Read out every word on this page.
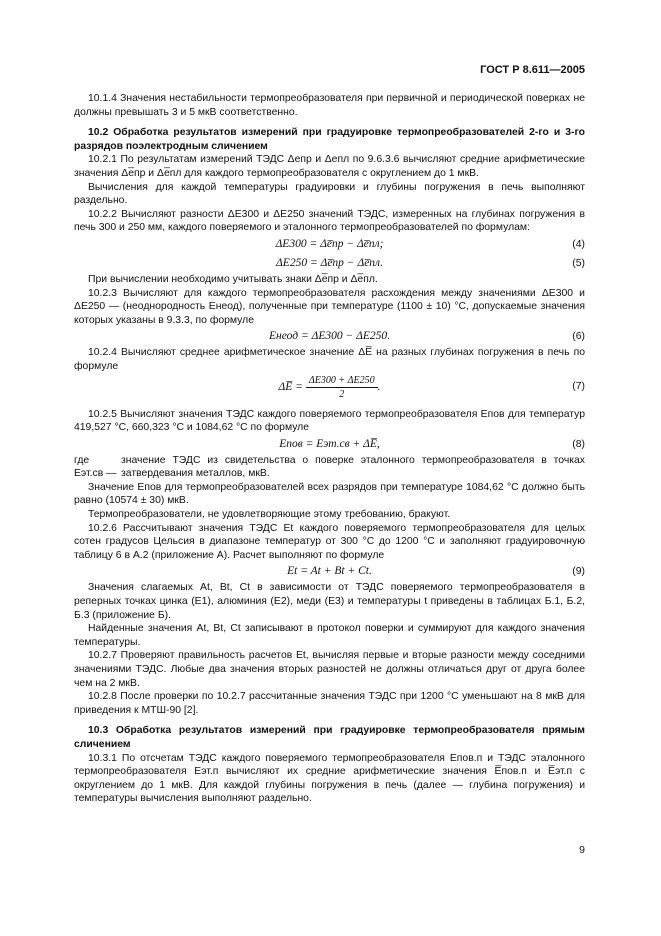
ГОСТ Р 8.611—2005

10.1.4 Значения нестабильности термопреобразователя при первичной и периодической поверках не должны превышать 3 и 5 мкВ соответственно.

10.2 Обработка результатов измерений при градуировке термопреобразователей 2-го и 3-го разрядов поэлектродным сличением

10.2.1 По результатам измерений ТЭДС Δeпр и Δeпл по 9.6.3.6 вычисляют средние арифметические значения Δe̅пр и Δe̅пл для каждого термопреобразователя с округлением до 1 мкВ.

Вычисления для каждой температуры градуировки и глубины погружения в печь выполняют раздельно.

10.2.2 Вычисляют разности ΔE300 и ΔE250 значений ТЭДС, измеренных на глубинах погружения в печь 300 и 250 мм, каждого поверяемого и эталонного термопреобразователей по формулам:

ΔE300 = Δe̅пр − Δe̅пл;	(4)
ΔE250 = Δe̅пр − Δe̅пл.	(5)

При вычислении необходимо учитывать знаки Δe̅пр и Δe̅пл.

10.2.3 Вычисляют для каждого термопреобразователя расхождения между значениями ΔE300 и ΔE250 — (неоднородность Eнеод), полученные при температуре (1100 ± 10) °С, допускаемые значения которых указаны в 9.3.3, по формуле

Eнеод = ΔE300 − ΔE250.	(6)

10.2.4 Вычисляют среднее арифметическое значение ΔE̅ на разных глубинах погружения в печь по формуле

ΔE̅ = $\frac{\Delta E300 + \Delta E250}{2}$ .	(7)

10.2.5 Вычисляют значения ТЭДС каждого поверяемого термопреобразователя Eпов для температур 419,527 °С, 660,323 °С и 1084,62 °С по формуле

Eпов = Eэт.св + ΔE̅,	(8)
где Eэт.св —
значение ТЭДС из свидетельства о поверке эталонного термопреобразователя в точках затвердевания металлов, мкВ.

Значение Eпов для термопреобразователей всех разрядов при температуре 1084,62 °С должно быть равно (10574 ± 30) мкВ.

Термопреобразователи, не удовлетворяющие этому требованию, бракуют.

10.2.6 Рассчитывают значения ТЭДС Et каждого поверяемого термопреобразователя для целых сотен градусов Цельсия в диапазоне температур от 300 °С до 1200 °С и заполняют градуировочную таблицу 6 в А.2 (приложение А). Расчет выполняют по формуле

Et = At + Bt + Ct.	(9)

Значения слагаемых At, Bt, Ct в зависимости от ТЭДС поверяемого термопреобразователя в реперных точках цинка (E1), алюминия (E2), меди (E3) и температуры t приведены в таблицах Б.1, Б.2, Б.3 (приложение Б).

Найденные значения At, Bt, Ct записывают в протокол поверки и суммируют для каждого значения температуры.

10.2.7 Проверяют правильность расчетов Et, вычисляя первые и вторые разности между соседними значениями ТЭДС. Любые два значения вторых разностей не должны отличаться друг от друга более чем на 2 мкВ.

10.2.8 После проверки по 10.2.7 рассчитанные значения ТЭДС при 1200 °С уменьшают на 8 мкВ для приведения к МТШ-90 [2].

10.3 Обработка результатов измерений при градуировке термопреобразователя прямым сличением

10.3.1 По отсчетам ТЭДС каждого поверяемого термопреобразователя Eпов.п и ТЭДС эталонного термопреобразователя Eэт.п вычисляют их средние арифметические значения E̅пов.п и E̅эт.п с округлением до 1 мкВ. Для каждой глубины погружения в печь (далее — глубина погружения) и температуры вычисления выполняют раздельно.

9
